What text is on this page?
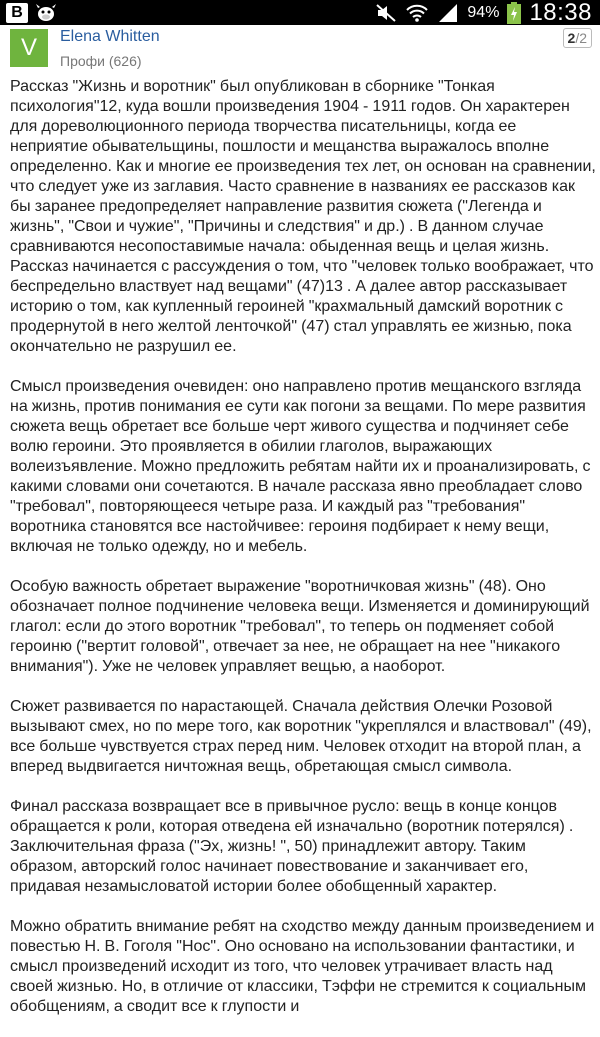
В	94% 18:38
V	Elena Whitten
Профи (626)
2/2

Рассказ "Жизнь и воротник" был опубликован в сборнике "Тонкая психология"12, куда вошли произведения 1904 - 1911 годов. Он характерен для дореволюционного периода творчества писательницы, когда ее неприятие обывательщины, пошлости и мещанства выражалось вполне определенно. Как и многие ее произведения тех лет, он основан на сравнении, что следует уже из заглавия. Часто сравнение в названиях ее рассказов как бы заранее предопределяет направление развития сюжета ("Легенда и жизнь", "Свои и чужие", "Причины и следствия" и др.) . В данном случае сравниваются несопоставимые начала: обыденная вещь и целая жизнь. Рассказ начинается с рассуждения о том, что "человек только воображает, что беспредельно властвует над вещами" (47)13 . А далее автор рассказывает историю о том, как купленный героиней "крахмальный дамский воротник с продернутой в него желтой ленточкой" (47) стал управлять ее жизнью, пока окончательно не разрушил ее.

Смысл произведения очевиден: оно направлено против мещанского взгляда на жизнь, против понимания ее сути как погони за вещами. По мере развития сюжета вещь обретает все больше черт живого существа и подчиняет себе волю героини. Это проявляется в обилии глаголов, выражающих волеизъявление. Можно предложить ребятам найти их и проанализировать, с какими словами они сочетаются. В начале рассказа явно преобладает слово "требовал", повторяющееся четыре раза. И каждый раз "требования" воротника становятся все настойчивее: героиня подбирает к нему вещи, включая не только одежду, но и мебель.

Особую важность обретает выражение "воротничковая жизнь" (48). Оно обозначает полное подчинение человека вещи. Изменяется и доминирующий глагол: если до этого воротник "требовал", то теперь он подменяет собой героиню ("вертит головой", отвечает за нее, не обращает на нее "никакого внимания"). Уже не человек управляет вещью, а наоборот.

Сюжет развивается по нарастающей. Сначала действия Олечки Розовой вызывают смех, но по мере того, как воротник "укреплялся и властвовал" (49), все больше чувствуется страх перед ним. Человек отходит на второй план, а вперед выдвигается ничтожная вещь, обретающая смысл символа.

Финал рассказа возвращает все в привычное русло: вещь в конце концов обращается к роли, которая отведена ей изначально (воротник потерялся) . Заключительная фраза ("Эх, жизнь! ", 50) принадлежит автору. Таким образом, авторский голос начинает повествование и заканчивает его, придавая незамысловатой истории более обобщенный характер.

Можно обратить внимание ребят на сходство между данным произведением и повестью Н. В. Гоголя "Нос". Оно основано на использовании фантастики, и смысл произведений исходит из того, что человек утрачивает власть над своей жизнью. Но, в отличие от классики, Тэффи не стремится к социальным обобщениям, а сводит все к глупости и
